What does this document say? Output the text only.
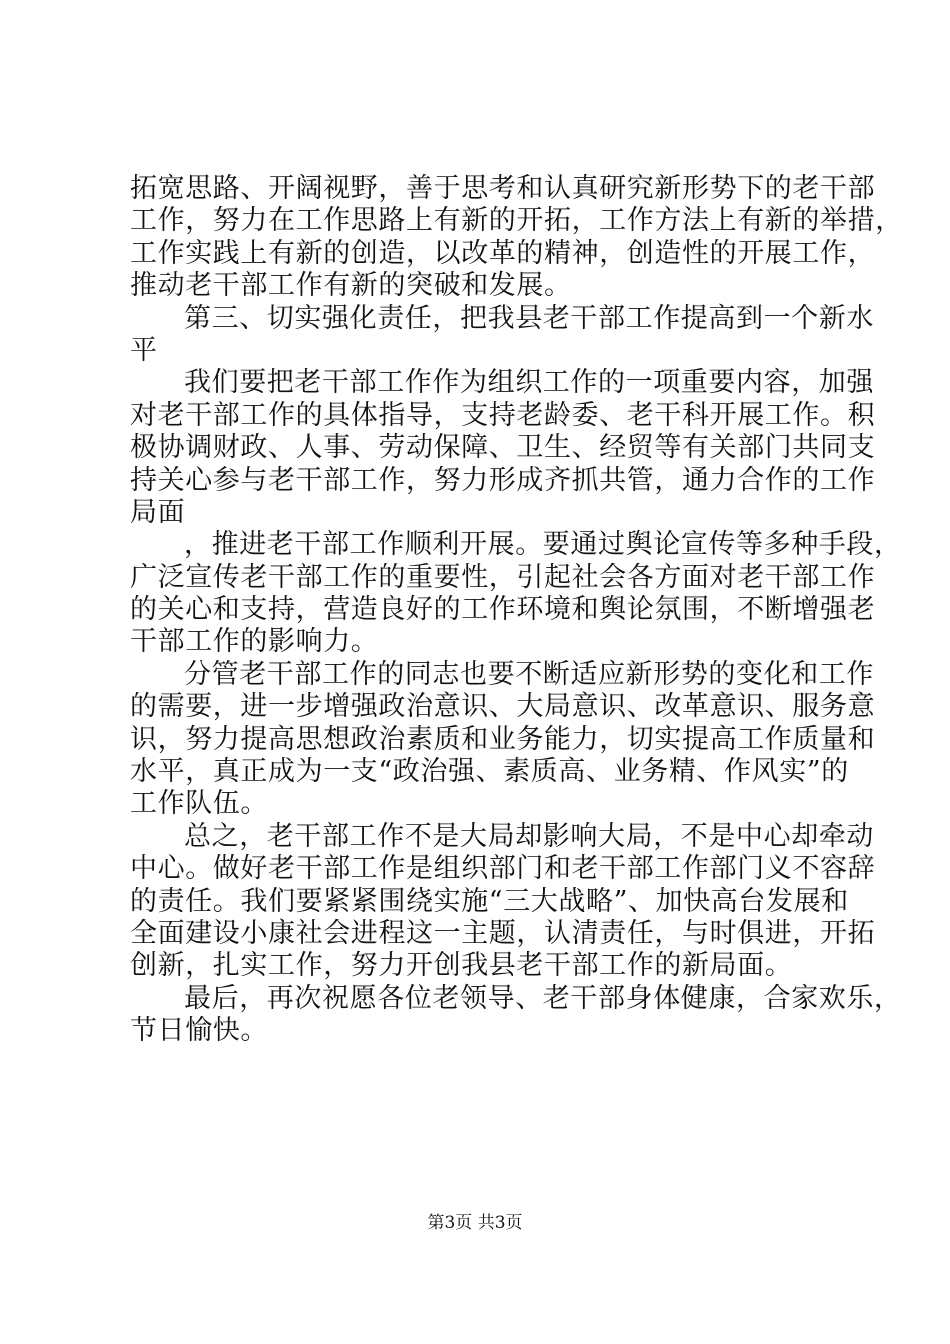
拓宽思路、开阔视野，善于思考和认真研究新形势下的老干部
工作，努力在工作思路上有新的开拓，工作方法上有新的举措，
工作实践上有新的创造，以改革的精神，创造性的开展工作，
推动老干部工作有新的突破和发展。
第三、切实强化责任，把我县老干部工作提高到一个新水
平
我们要把老干部工作作为组织工作的一项重要内容，加强
对老干部工作的具体指导，支持老龄委、老干科开展工作。积
极协调财政、人事、劳动保障、卫生、经贸等有关部门共同支
持关心参与老干部工作，努力形成齐抓共管，通力合作的工作
局面
，推进老干部工作顺利开展。要通过舆论宣传等多种手段，
广泛宣传老干部工作的重要性，引起社会各方面对老干部工作
的关心和支持，营造良好的工作环境和舆论氛围，不断增强老
干部工作的影响力。
分管老干部工作的同志也要不断适应新形势的变化和工作
的需要，进一步增强政治意识、大局意识、改革意识、服务意
识，努力提高思想政治素质和业务能力，切实提高工作质量和
水平，真正成为一支“政治强、素质高、业务精、作风实”的
工作队伍。
总之，老干部工作不是大局却影响大局，不是中心却牵动
中心。做好老干部工作是组织部门和老干部工作部门义不容辞
的责任。我们要紧紧围绕实施“三大战略”、加快高台发展和
全面建设小康社会进程这一主题，认清责任，与时俱进，开拓
创新，扎实工作，努力开创我县老干部工作的新局面。
最后，再次祝愿各位老领导、老干部身体健康，合家欢乐，
节日愉快。
第3页 共3页
